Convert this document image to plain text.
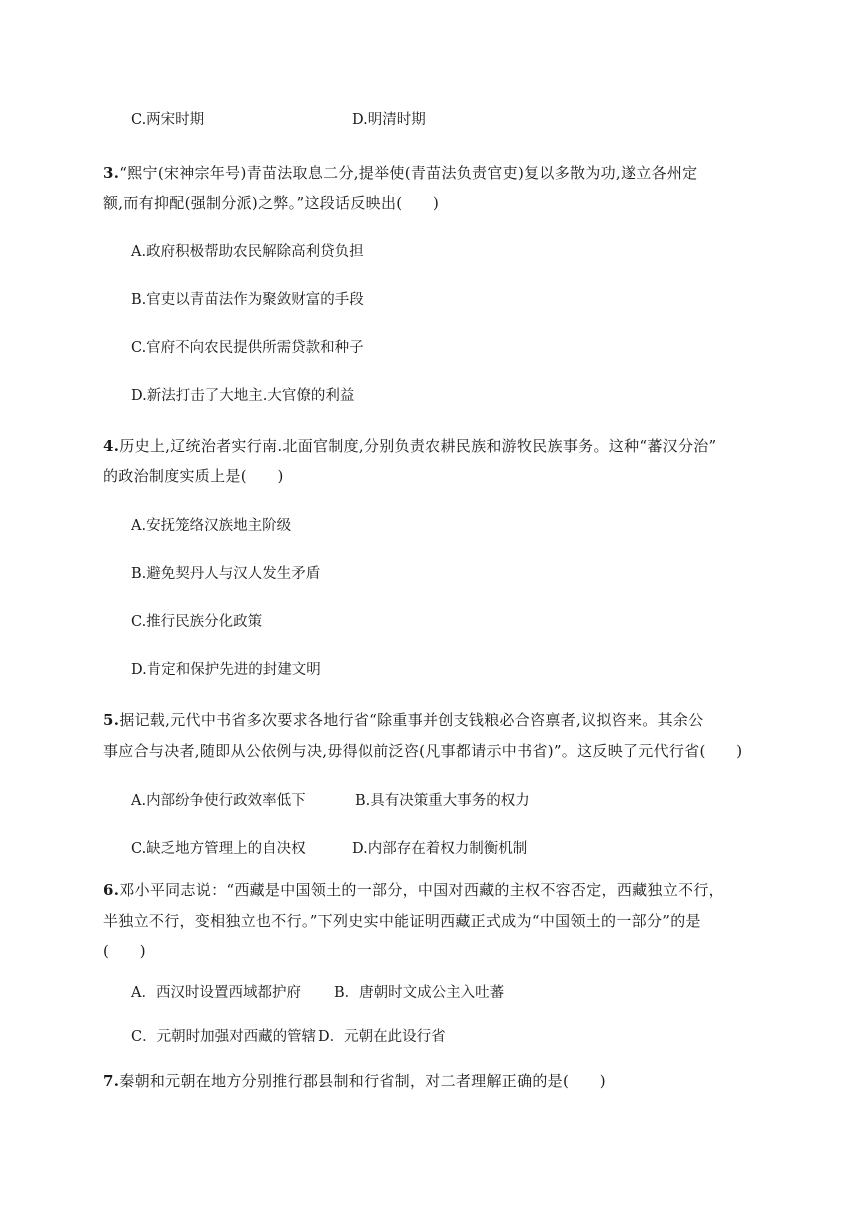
C.两宋时期	D.明清时期
3.“熙宁(宋神宗年号)青苗法取息二分,提举使(青苗法负责官吏)复以多散为功,遂立各州定
额,而有抑配(强制分派)之弊。”这段话反映出(　　)
A.政府积极帮助农民解除高利贷负担
B.官吏以青苗法作为聚敛财富的手段
C.官府不向农民提供所需贷款和种子
D.新法打击了大地主.大官僚的利益
4.历史上,辽统治者实行南.北面官制度,分别负责农耕民族和游牧民族事务。这种“蕃汉分治”
的政治制度实质上是(　　)
A.安抚笼络汉族地主阶级
B.避免契丹人与汉人发生矛盾
C.推行民族分化政策
D.肯定和保护先进的封建文明
5.据记载,元代中书省多次要求各地行省“除重事并创支钱粮必合咨禀者,议拟咨来。其余公
事应合与决者,随即从公依例与决,毋得似前泛咨(凡事都请示中书省)”。这反映了元代行省(　　)
A.内部纷争使行政效率低下	B.具有决策重大事务的权力
C.缺乏地方管理上的自决权	D.内部存在着权力制衡机制
6.邓小平同志说：“西藏是中国领土的一部分，中国对西藏的主权不容否定，西藏独立不行，
半独立不行，变相独立也不行。”下列史实中能证明西藏正式成为“中国领土的一部分”的是
(　　)
A．西汉时设置西域都护府 B．唐朝时文成公主入吐蕃
C．元朝时加强对西藏的管辖 D．元朝在此设行省
7.秦朝和元朝在地方分别推行郡县制和行省制，对二者理解正确的是(　　)
